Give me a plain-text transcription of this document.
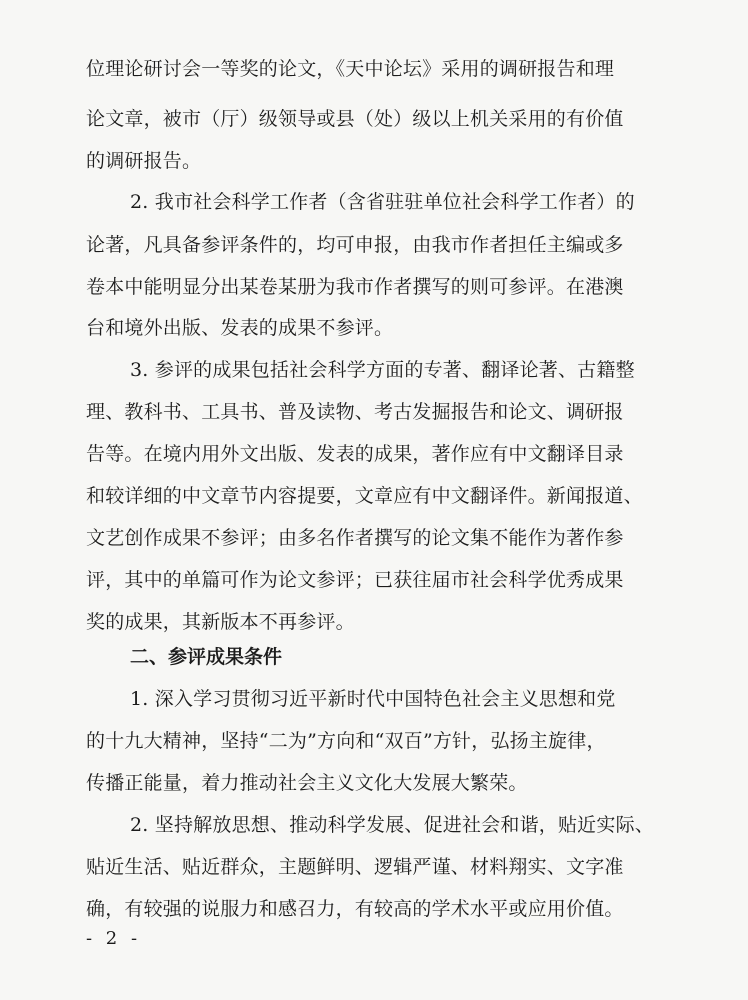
位理论研讨会一等奖的论文，《天中论坛》采用的调研报告和理

论文章，被市（厅）级领导或县（处）级以上机关采用的有价值

的调研报告。

2. 我市社会科学工作者（含省驻驻单位社会科学工作者）的

论著，凡具备参评条件的，均可申报，由我市作者担任主编或多

卷本中能明显分出某卷某册为我市作者撰写的则可参评。在港澳

台和境外出版、发表的成果不参评。

3. 参评的成果包括社会科学方面的专著、翻译论著、古籍整

理、教科书、工具书、普及读物、考古发掘报告和论文、调研报

告等。在境内用外文出版、发表的成果，著作应有中文翻译目录

和较详细的中文章节内容提要，文章应有中文翻译件。新闻报道、

文艺创作成果不参评；由多名作者撰写的论文集不能作为著作参

评，其中的单篇可作为论文参评；已获往届市社会科学优秀成果

奖的成果，其新版本不再参评。

二、参评成果条件

1. 深入学习贯彻习近平新时代中国特色社会主义思想和党

的十九大精神，坚持“二为”方向和“双百”方针，弘扬主旋律，

传播正能量，着力推动社会主义文化大发展大繁荣。

2. 坚持解放思想、推动科学发展、促进社会和谐，贴近实际、

贴近生活、贴近群众，主题鲜明、逻辑严谨、材料翔实、文字准

确，有较强的说服力和感召力，有较高的学术水平或应用价值。

- 2 -
